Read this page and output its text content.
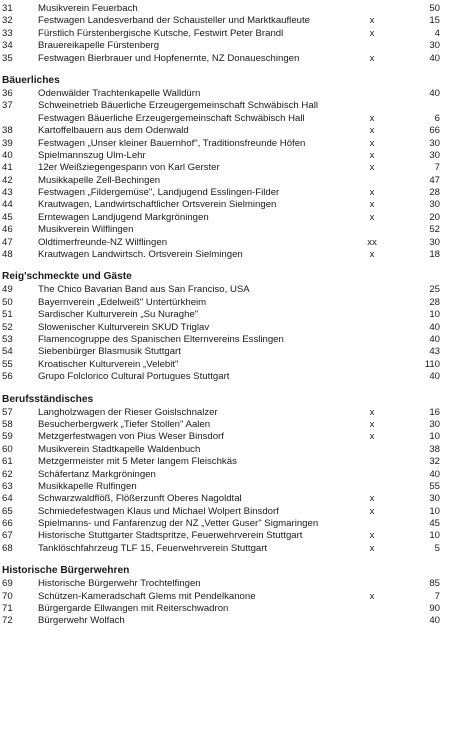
31	Musikverein Feuerbach	50
32	Festwagen Landesverband der Schausteller und Marktkaufleute	x	15
33	Fürstlich Fürstenbergische Kutsche, Festwirt Peter Brandl	x	4
34	Brauereikapelle Fürstenberg	30
35	Festwagen Bierbrauer und Hopfenernte, NZ Donaueschingen	x	40
Bäuerliches
36	Odenwälder Trachtenkapelle Walldürn	40
37	Schweinetrieb Bäuerliche Erzeugergemeinschaft Schwäbisch Hall
Festwagen Bäuerliche Erzeugergemeinschaft Schwäbisch Hall	x	6
38	Kartoffelbauern aus dem Odenwald	x	66
39	Festwagen „Unser kleiner Bauernhof", Traditionsfreunde Höfen	x	30
40	Spielmannszug Ulm-Lehr	x	30
41	12er Weißziegengespann von Karl Gerster	x	7
42	Musikkapelle Zell-Bechingen	47
43	Festwagen „Fildergemüse", Landjugend Esslingen-Filder	x	28
44	Krautwagen, Landwirtschaftlicher Ortsverein Sielmingen	x	30
45	Erntewagen Landjugend Markgröningen	x	20
46	Musikverein Wilflingen	52
47	Oldtimerfreunde-NZ Wilflingen	xx	30
48	Krautwagen Landwirtsch. Ortsverein Sielmingen	x	18
Reig'schmeckte und Gäste
49	The Chico Bavarian Band aus San Franciso, USA	25
50	Bayernverein „Edelweiß" Untertürkheim	28
51	Sardischer Kulturverein „Su Nuraghe"	10
52	Slowenischer Kulturverein SKUD Triglav	40
53	Flamencogruppe des Spanischen Elternvereins Esslingen	40
54	Siebenbürger Blasmusik Stuttgart	43
55	Kroatischer Kulturverein „Velebit"	110
56	Grupo Folclorico Cultural Portugues Stuttgart	40
Berufsständisches
57	Langholzwagen der Rieser Goislschnalzer	x	16
58	Besucherbergwerk „Tiefer Stollen" Aalen	x	30
59	Metzgerfestwagen von Pius Weser Binsdorf	x	10
60	Musikverein Stadtkapelle Waldenbuch	38
61	Metzgermeister mit 5 Meter langem Fleischkäs	32
62	Schäfertanz Markgröningen	40
63	Musikkapelle Rulfingen	55
64	Schwarzwaldflöß, Flößerzunft Oberes Nagoldtal	x	30
65	Schmiedefestwagen Klaus und Michael Wolpert Binsdorf	x	10
66	Spielmanns- und Fanfarenzug der NZ „Vetter Guser" Sigmaringen	45
67	Historische Stuttgarter Stadtspritze, Feuerwehrverein Stuttgart	x	10
68	Tanklöschfahrzeug TLF 15, Feuerwehrverein Stuttgart	x	5
Historische Bürgerwehren
69	Historische Bürgerwehr Trochtelfingen	85
70	Schützen-Kameradschaft Glems mit Pendelkanone	x	7
71	Bürgergarde Ellwangen mit Reiterschwadron	90
72	Bürgerwehr Wolfach	40
